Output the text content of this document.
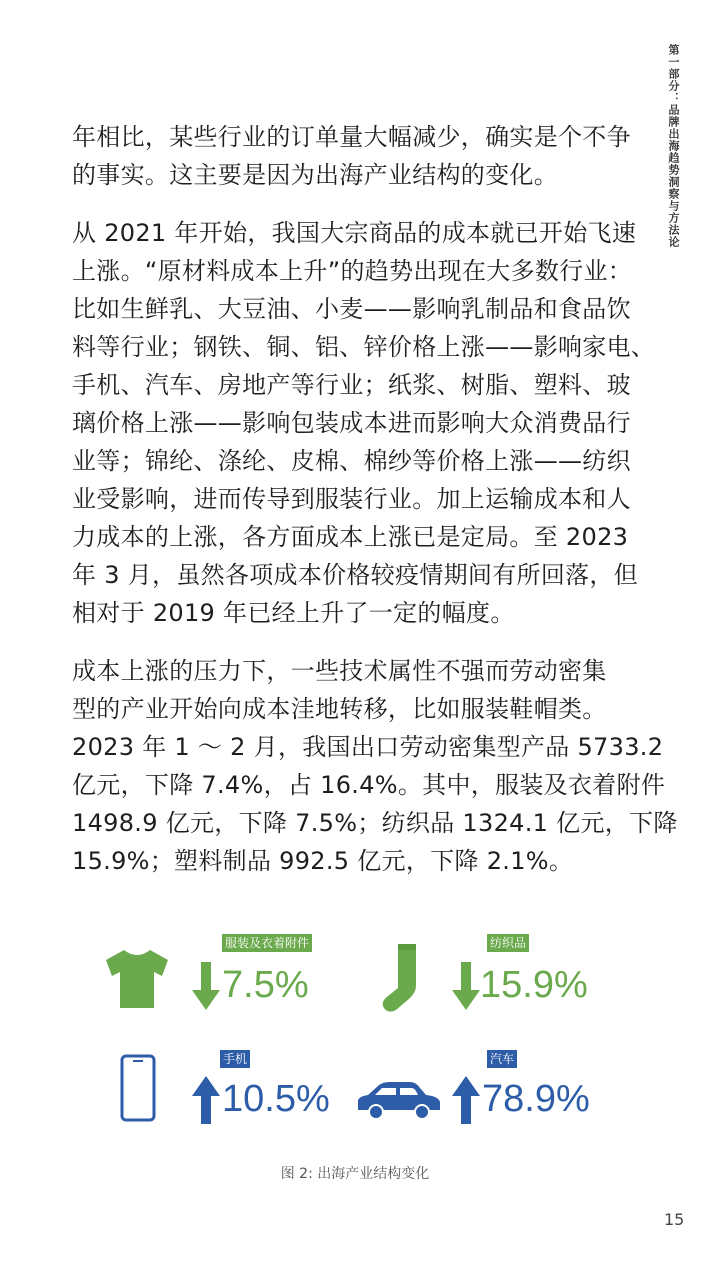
第一部分：品牌出海趋势洞察与方法论

年相比，某些行业的订单量大幅减少，确实是个不争
的事实。这主要是因为出海产业结构的变化。

从 2021 年开始，我国大宗商品的成本就已开始飞速
上涨。“原材料成本上升”的趋势出现在大多数行业：
比如生鲜乳、大豆油、小麦——影响乳制品和食品饮
料等行业；钢铁、铜、铝、锌价格上涨——影响家电、
手机、汽车、房地产等行业；纸浆、树脂、塑料、玻
璃价格上涨——影响包装成本进而影响大众消费品行
业等；锦纶、涤纶、皮棉、棉纱等价格上涨——纺织
业受影响，进而传导到服装行业。加上运输成本和人
力成本的上涨，各方面成本上涨已是定局。至 2023
年 3 月，虽然各项成本价格较疫情期间有所回落，但
相对于 2019 年已经上升了一定的幅度。

成本上涨的压力下，一些技术属性不强而劳动密集
型的产业开始向成本洼地转移，比如服装鞋帽类。
2023 年 1 ～ 2 月，我国出口劳动密集型产品 5733.2
亿元，下降 7.4%，占 16.4%。其中，服装及衣着附件
1498.9 亿元，下降 7.5%；纺织品 1324.1 亿元，下降
15.9%；塑料制品 992.5 亿元，下降 2.1%。

服装及衣着附件
7.5%
纺织品
15.9%
手机
10.5%
汽车
78.9%
图 2: 出海产业结构变化
15
